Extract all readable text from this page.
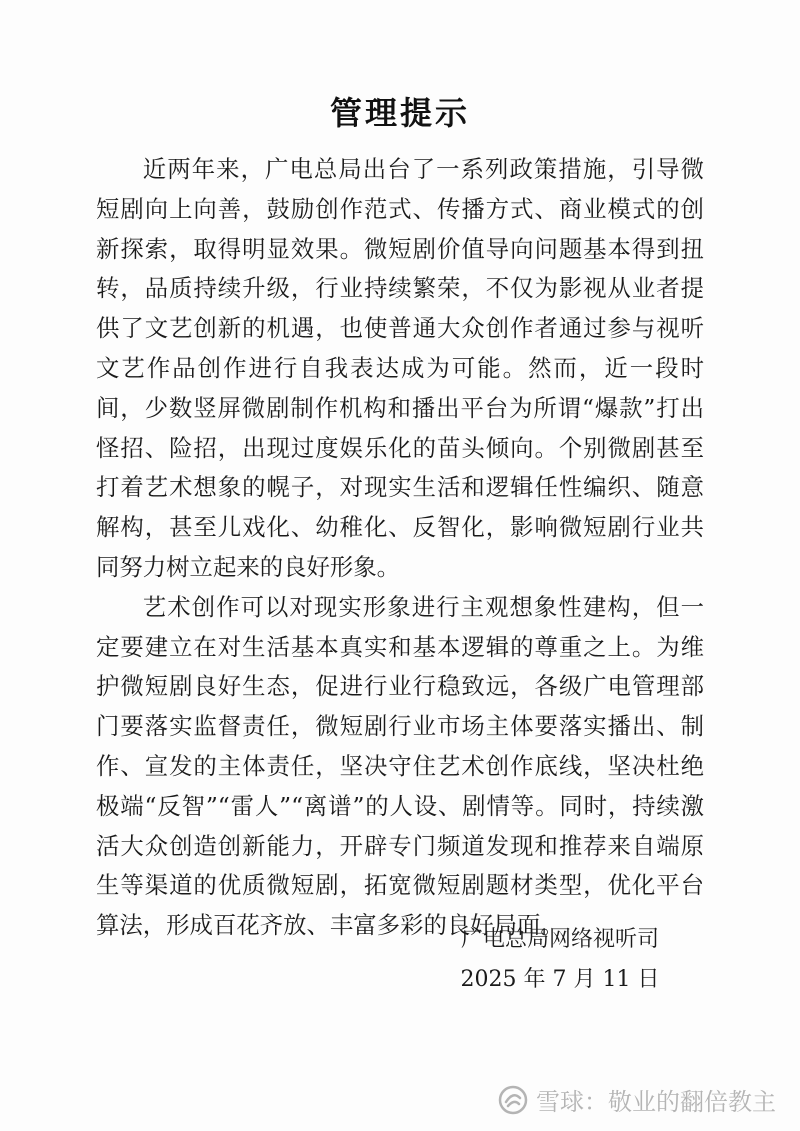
管理提示

近两年来，广电总局出台了一系列政策措施，引导微短剧向上向善，鼓励创作范式、传播方式、商业模式的创新探索，取得明显效果。微短剧价值导向问题基本得到扭转，品质持续升级，行业持续繁荣，不仅为影视从业者提供了文艺创新的机遇，也使普通大众创作者通过参与视听文艺作品创作进行自我表达成为可能。然而，近一段时间，少数竖屏微剧制作机构和播出平台为所谓“爆款”打出怪招、险招，出现过度娱乐化的苗头倾向。个别微剧甚至打着艺术想象的幌子，对现实生活和逻辑任性编织、随意解构，甚至儿戏化、幼稚化、反智化，影响微短剧行业共同努力树立起来的良好形象。

艺术创作可以对现实形象进行主观想象性建构，但一定要建立在对生活基本真实和基本逻辑的尊重之上。为维护微短剧良好生态，促进行业行稳致远，各级广电管理部门要落实监督责任，微短剧行业市场主体要落实播出、制作、宣发的主体责任，坚决守住艺术创作底线，坚决杜绝极端“反智”“雷人”“离谱”的人设、剧情等。同时，持续激活大众创造创新能力，开辟专门频道发现和推荐来自端原生等渠道的优质微短剧，拓宽微短剧题材类型，优化平台算法，形成百花齐放、丰富多彩的良好局面。

广电总局网络视听司
2025 年 7 月 11 日
雪球：敬业的翻倍教主
